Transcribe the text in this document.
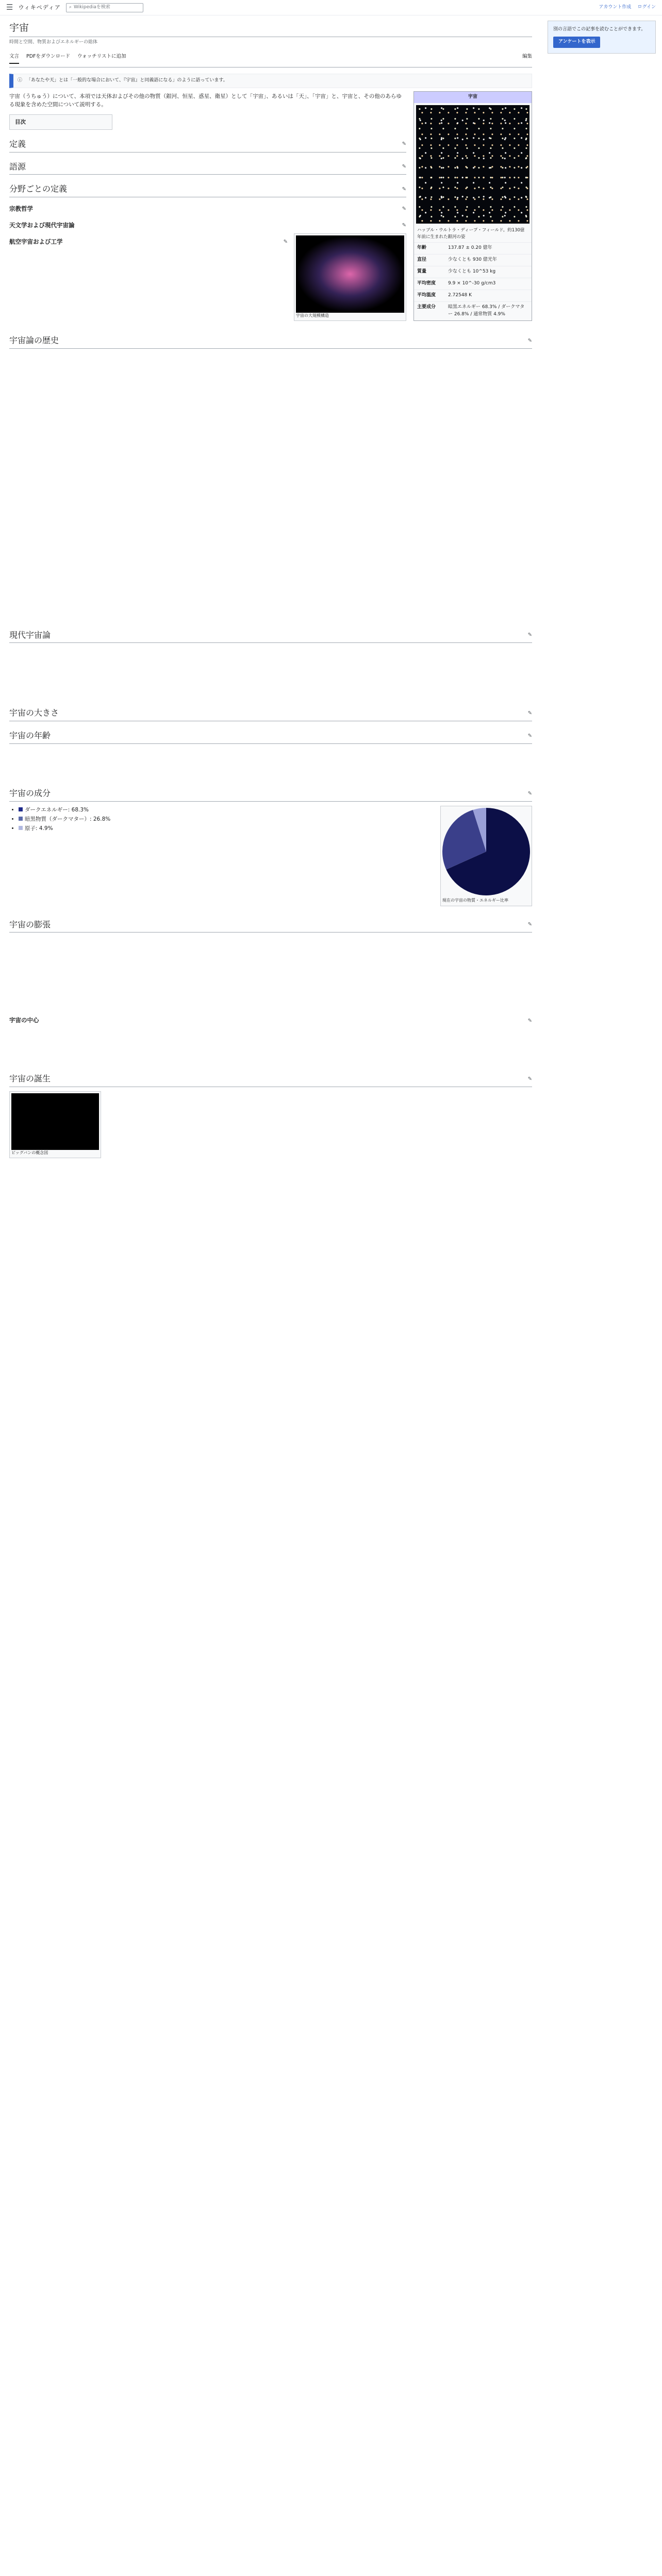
☰ ウィキペディア ⌕ Wikipediaを検索	アカウント作成 ログイン
宇宙
時間と空間、物質およびエネルギーの総体
文言 PDFをダウンロード ウォッチリストに追加	編集
ⓘ 「あなたや天」とは「一般的な場合において、『宇宙』と同義語になる」のように語っています。
宇宙
ハッブル・ウルトラ・ディープ・フィールド。約130億年前に生まれた銀河の姿
年齢	137.87 ± 0.20 億年
直径	少なくとも 930 億光年
質量	少なくとも 10^53 kg
平均密度	9.9 × 10^-30 g/cm3
平均温度	2.72548 K
主要成分	暗黒エネルギー 68.3% / ダークマター 26.8% / 通常物質 4.9%

宇宙（うちゅう）について、本項では天体およびその他の物質（銀河、恒星、惑星、衛星）として「宇宙」、あるいは「天」、「宇宙」と、宇宙と、その他のあらゆる現象を含めた空間について説明する。

目次
定義	✎
語源	✎
分野ごとの定義	✎
宗教哲学	✎
天文学および現代宇宙論	✎
宇宙の大規模構造
航空宇宙および工学	✎
宇宙論の歴史	✎
現代宇宙論	✎
宇宙の大きさ	✎
宇宙の年齢	✎
宇宙の成分	✎
現在の宇宙の物質・エネルギー比率
• ダークエネルギー: 68.3%
• 暗黒物質（ダークマター）: 26.8%
• 原子: 4.9%
宇宙の膨張	✎
宇宙の中心	✎
宇宙の誕生	✎
ビッグバンの概念図
別の言語でこの記事を読むことができます。
アンケートを表示
